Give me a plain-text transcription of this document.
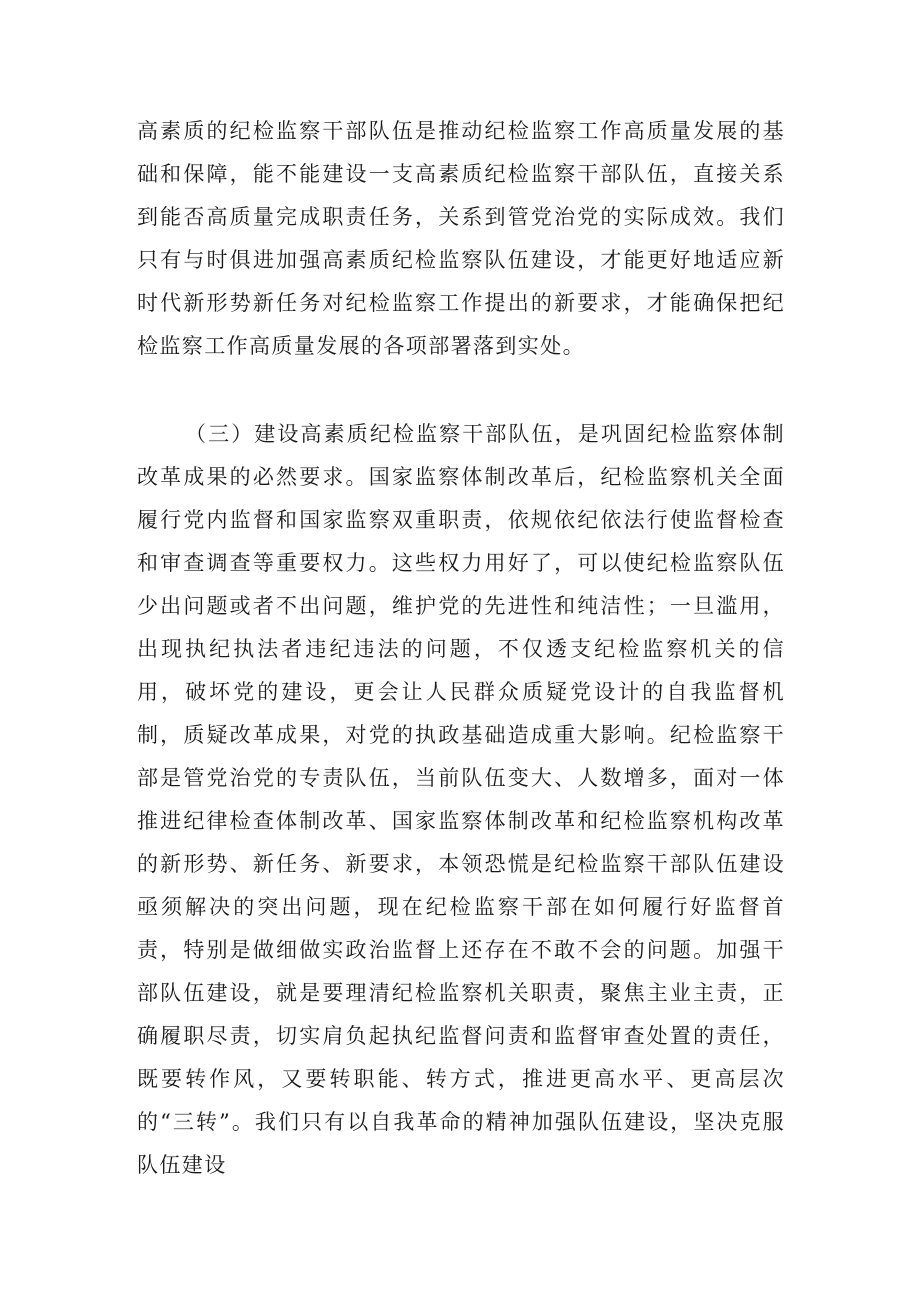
高素质的纪检监察干部队伍是推动纪检监察工作高质量发展的基础和保障，能不能建设一支高素质纪检监察干部队伍，直接关系到能否高质量完成职责任务，关系到管党治党的实际成效。我们只有与时俱进加强高素质纪检监察队伍建设，才能更好地适应新时代新形势新任务对纪检监察工作提出的新要求，才能确保把纪检监察工作高质量发展的各项部署落到实处。

（三）建设高素质纪检监察干部队伍，是巩固纪检监察体制改革成果的必然要求。国家监察体制改革后，纪检监察机关全面履行党内监督和国家监察双重职责，依规依纪依法行使监督检查和审查调查等重要权力。这些权力用好了，可以使纪检监察队伍少出问题或者不出问题，维护党的先进性和纯洁性；一旦滥用，出现执纪执法者违纪违法的问题，不仅透支纪检监察机关的信用，破坏党的建设，更会让人民群众质疑党设计的自我监督机制，质疑改革成果，对党的执政基础造成重大影响。纪检监察干部是管党治党的专责队伍，当前队伍变大、人数增多，面对一体推进纪律检查体制改革、国家监察体制改革和纪检监察机构改革的新形势、新任务、新要求，本领恐慌是纪检监察干部队伍建设亟须解决的突出问题，现在纪检监察干部在如何履行好监督首责，特别是做细做实政治监督上还存在不敢不会的问题。加强干部队伍建设，就是要理清纪检监察机关职责，聚焦主业主责，正确履职尽责，切实肩负起执纪监督问责和监督审查处置的责任，既要转作风，又要转职能、转方式，推进更高水平、更高层次的“三转”。我们只有以自我革命的精神加强队伍建设，坚决克服队伍建设
